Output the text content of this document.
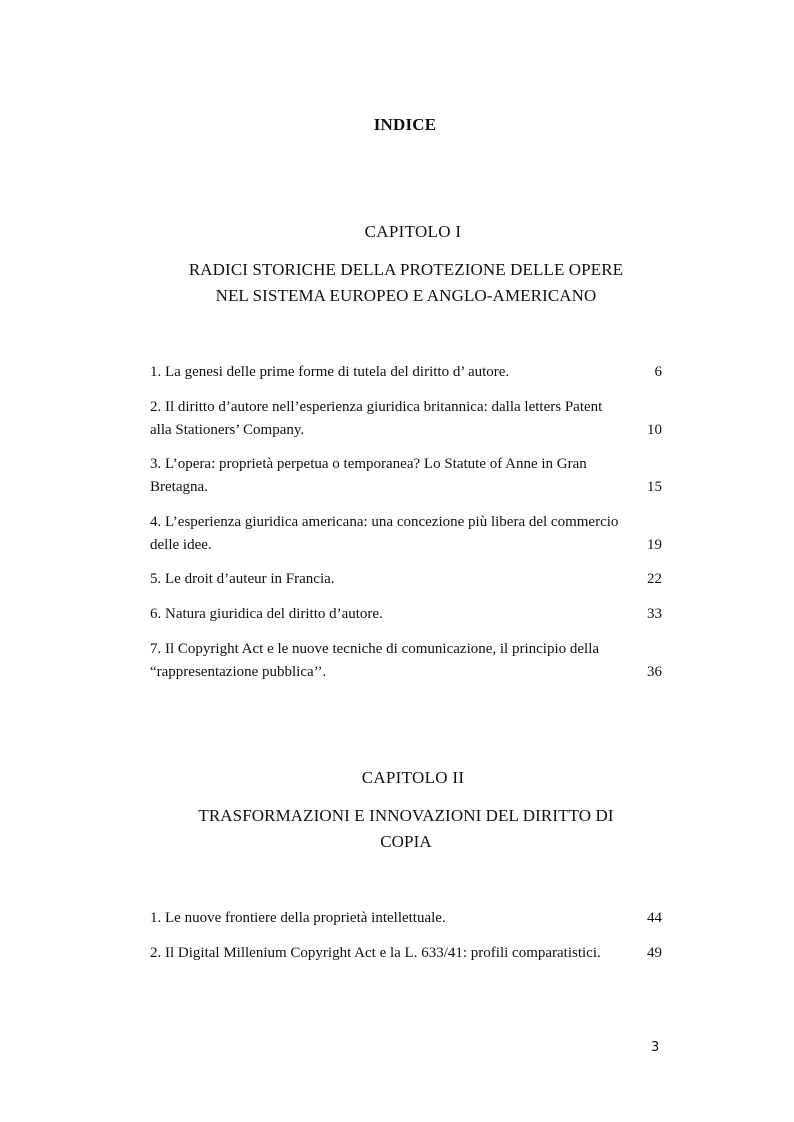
INDICE
CAPITOLO I
RADICI STORICHE DELLA PROTEZIONE DELLE OPERE
NEL SISTEMA EUROPEO E ANGLO-AMERICANO
1. La genesi delle prime forme di tutela del diritto d’ autore.	6
2. Il diritto d’autore nell’esperienza giuridica britannica: dalla letters Patent alla Stationers’ Company.	10
3. L’opera: proprietà perpetua o temporanea? Lo Statute of Anne in Gran Bretagna.	15
4. L’esperienza giuridica americana: una concezione più libera del commercio delle idee.	19
5. Le droit d’auteur in Francia.	22
6. Natura giuridica del diritto d’autore.	33
7. Il Copyright Act e le nuove tecniche di comunicazione, il principio della “rappresentazione pubblica’’.	36
CAPITOLO II
TRASFORMAZIONI E INNOVAZIONI DEL DIRITTO DI
COPIA
1. Le nuove frontiere della proprietà intellettuale.	44
2. Il Digital Millenium Copyright Act e la L. 633/41: profili comparatistici.	49
3
